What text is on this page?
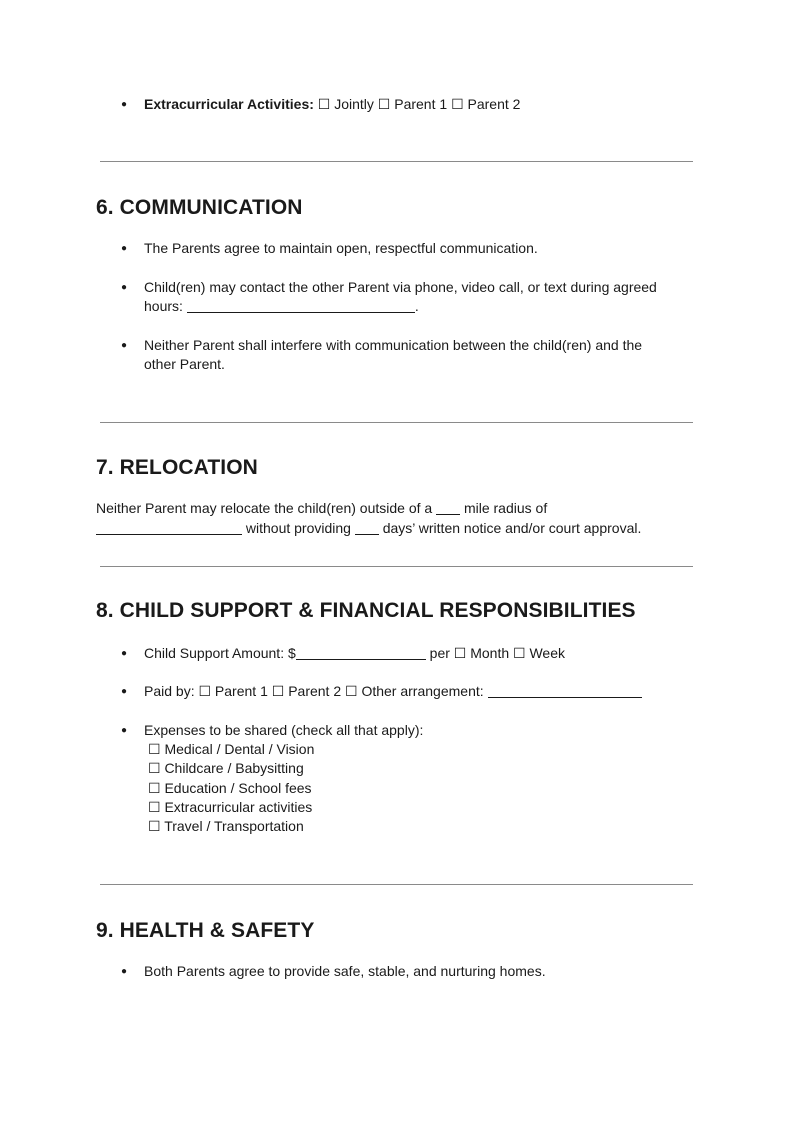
● Extracurricular Activities: ☐ Jointly ☐ Parent 1 ☐ Parent 2
6. COMMUNICATION
● The Parents agree to maintain open, respectful communication.
● Child(ren) may contact the other Parent via phone, video call, or text during agreed
hours:	.
● Neither Parent shall interfere with communication between the child(ren) and the
other Parent.
7. RELOCATION
Neither Parent may relocate the child(ren) outside of a mile radius of
without providing days’ written notice and/or court approval.
8. CHILD SUPPORT & FINANCIAL RESPONSIBILITIES
● Child Support Amount: $	per ☐ Month ☐ Week
● Paid by: ☐ Parent 1 ☐ Parent 2 ☐ Other arrangement:
● Expenses to be shared (check all that apply):
☐ Medical / Dental / Vision
☐ Childcare / Babysitting
☐ Education / School fees
☐ Extracurricular activities
☐ Travel / Transportation
9. HEALTH & SAFETY
● Both Parents agree to provide safe, stable, and nurturing homes.
